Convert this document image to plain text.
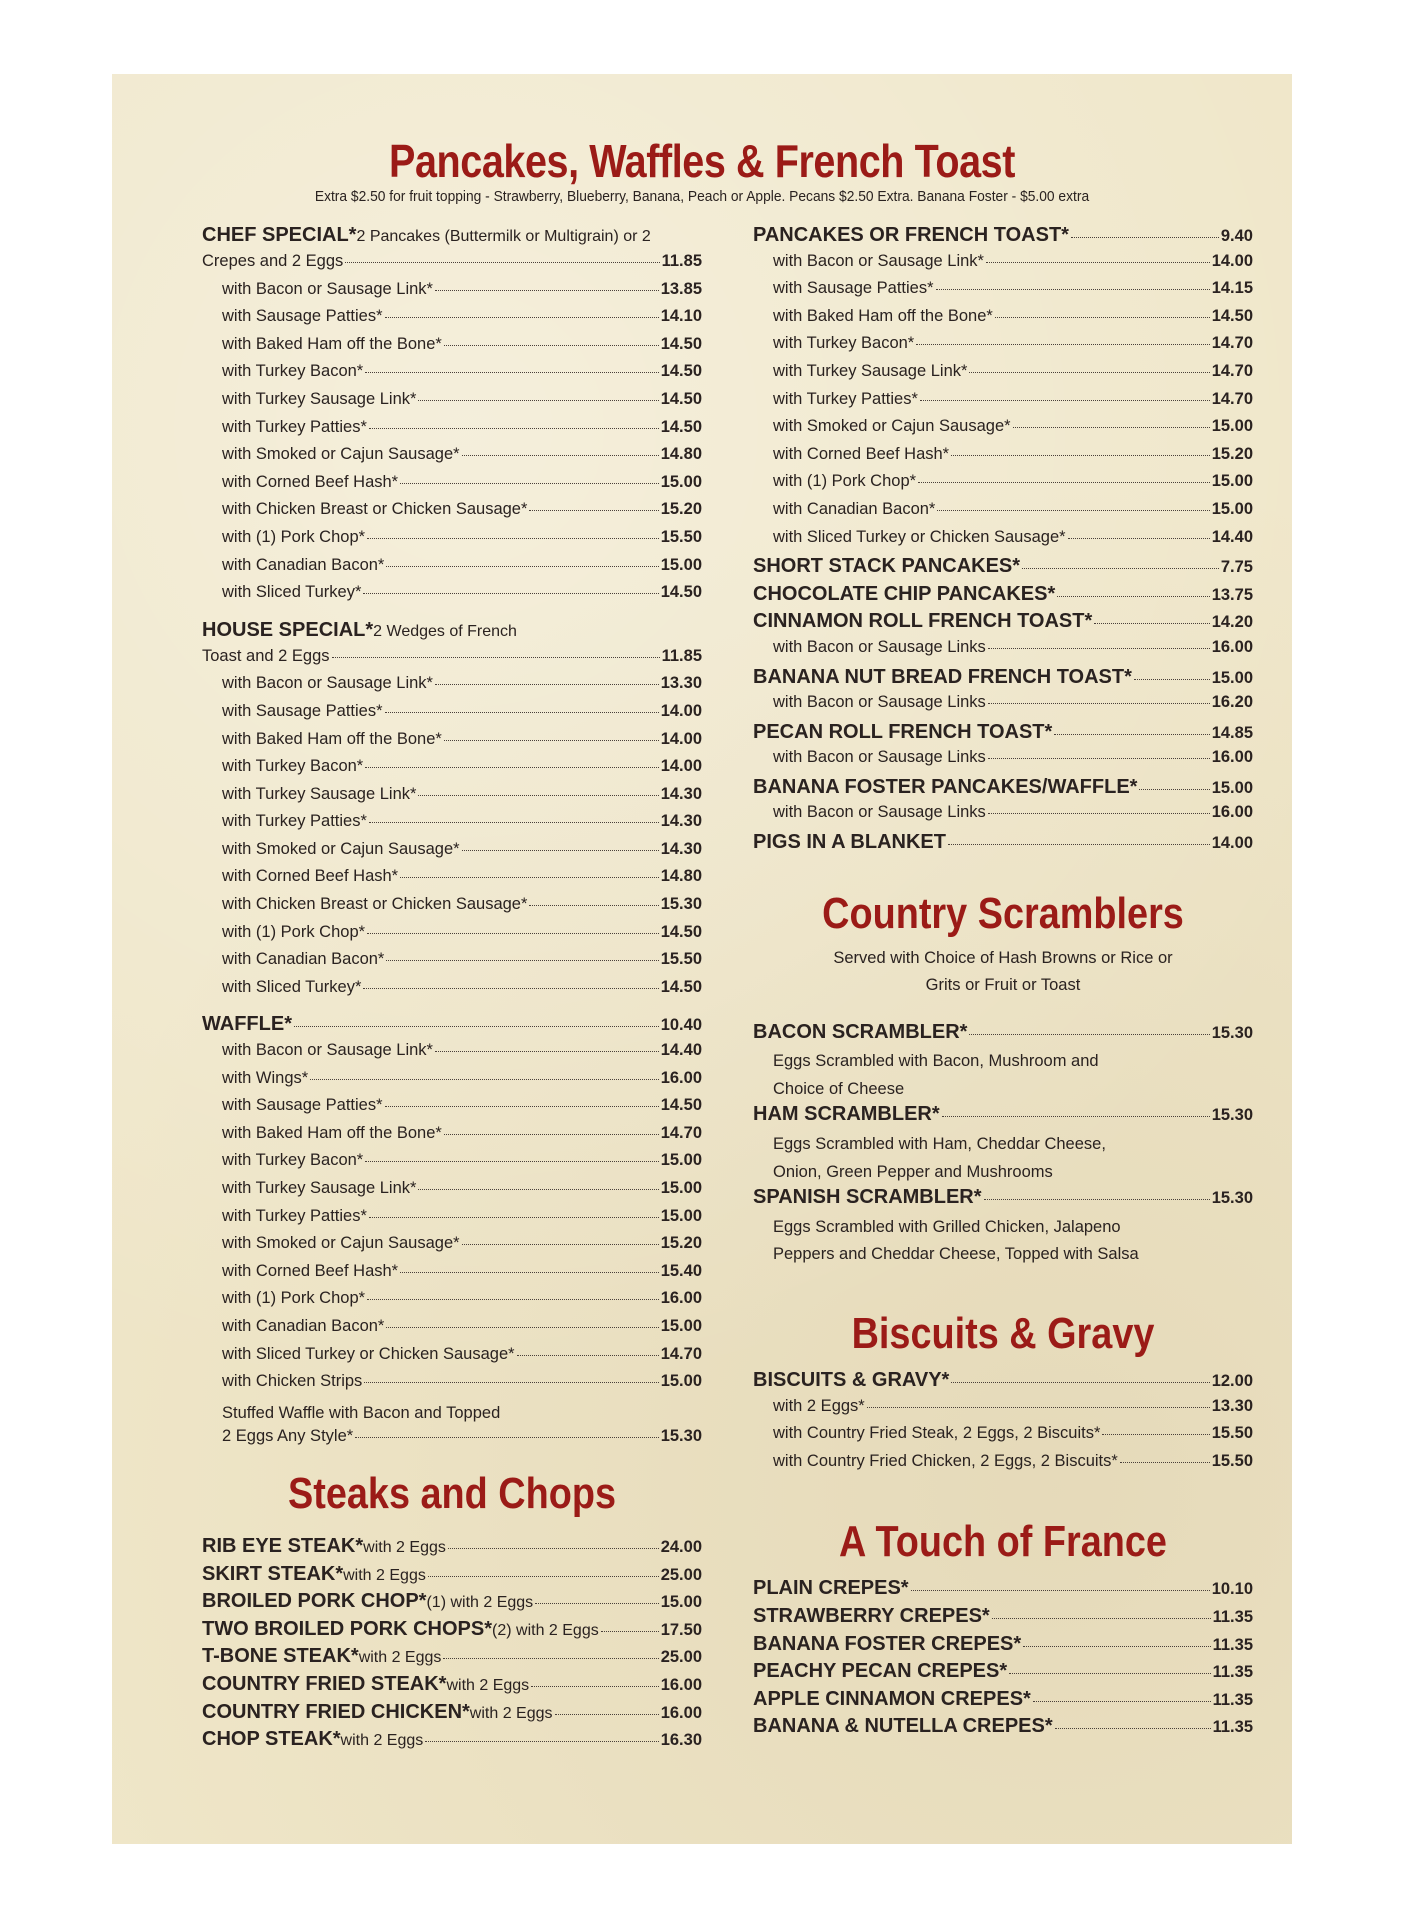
Pancakes, Waffles & French Toast
Extra $2.50 for fruit topping - Strawberry, Blueberry, Banana, Peach or Apple. Pecans $2.50 Extra. Banana Foster - $5.00 extra
CHEF SPECIAL* 2 Pancakes (Buttermilk or Multigrain) or 2
Crepes and 2 Eggs	11.85
with Bacon or Sausage Link*	13.85
with Sausage Patties*	14.10
with Baked Ham off the Bone*	14.50
with Turkey Bacon*	14.50
with Turkey Sausage Link*	14.50
with Turkey Patties*	14.50
with Smoked or Cajun Sausage*	14.80
with Corned Beef Hash*	15.00
with Chicken Breast or Chicken Sausage*	15.20
with (1) Pork Chop*	15.50
with Canadian Bacon*	15.00
with Sliced Turkey*	14.50
HOUSE SPECIAL* 2 Wedges of French
Toast and 2 Eggs	11.85
with Bacon or Sausage Link*	13.30
with Sausage Patties*	14.00
with Baked Ham off the Bone*	14.00
with Turkey Bacon*	14.00
with Turkey Sausage Link*	14.30
with Turkey Patties*	14.30
with Smoked or Cajun Sausage*	14.30
with Corned Beef Hash*	14.80
with Chicken Breast or Chicken Sausage*	15.30
with (1) Pork Chop*	14.50
with Canadian Bacon*	15.50
with Sliced Turkey*	14.50
WAFFLE*	10.40
with Bacon or Sausage Link*	14.40
with Wings*	16.00
with Sausage Patties*	14.50
with Baked Ham off the Bone*	14.70
with Turkey Bacon*	15.00
with Turkey Sausage Link*	15.00
with Turkey Patties*	15.00
with Smoked or Cajun Sausage*	15.20
with Corned Beef Hash*	15.40
with (1) Pork Chop*	16.00
with Canadian Bacon*	15.00
with Sliced Turkey or Chicken Sausage*	14.70
with Chicken Strips	15.00
Stuffed Waffle with Bacon and Topped
2 Eggs Any Style*	15.30
Steaks and Chops
RIB EYE STEAK* with 2 Eggs	24.00
SKIRT STEAK* with 2 Eggs	25.00
BROILED PORK CHOP* (1) with 2 Eggs	15.00
TWO BROILED PORK CHOPS* (2) with 2 Eggs	17.50
T-BONE STEAK* with 2 Eggs	25.00
COUNTRY FRIED STEAK* with 2 Eggs	16.00
COUNTRY FRIED CHICKEN* with 2 Eggs	16.00
CHOP STEAK* with 2 Eggs	16.30
PANCAKES OR FRENCH TOAST*	9.40
with Bacon or Sausage Link*	14.00
with Sausage Patties*	14.15
with Baked Ham off the Bone*	14.50
with Turkey Bacon*	14.70
with Turkey Sausage Link*	14.70
with Turkey Patties*	14.70
with Smoked or Cajun Sausage*	15.00
with Corned Beef Hash*	15.20
with (1) Pork Chop*	15.00
with Canadian Bacon*	15.00
with Sliced Turkey or Chicken Sausage*	14.40
SHORT STACK PANCAKES*	7.75
CHOCOLATE CHIP PANCAKES*	13.75
CINNAMON ROLL FRENCH TOAST*	14.20
with Bacon or Sausage Links	16.00
BANANA NUT BREAD FRENCH TOAST*	15.00
with Bacon or Sausage Links	16.20
PECAN ROLL FRENCH TOAST*	14.85
with Bacon or Sausage Links	16.00
BANANA FOSTER PANCAKES/WAFFLE*	15.00
with Bacon or Sausage Links	16.00
PIGS IN A BLANKET	14.00
Country Scramblers
Served with Choice of Hash Browns or Rice or
Grits or Fruit or Toast
BACON SCRAMBLER*	15.30
Eggs Scrambled with Bacon, Mushroom and
Choice of Cheese
HAM SCRAMBLER*	15.30
Eggs Scrambled with Ham, Cheddar Cheese,
Onion, Green Pepper and Mushrooms
SPANISH SCRAMBLER*	15.30
Eggs Scrambled with Grilled Chicken, Jalapeno
Peppers and Cheddar Cheese, Topped with Salsa
Biscuits & Gravy
BISCUITS & GRAVY*	12.00
with 2 Eggs*	13.30
with Country Fried Steak, 2 Eggs, 2 Biscuits*	15.50
with Country Fried Chicken, 2 Eggs, 2 Biscuits*	15.50
A Touch of France
PLAIN CREPES*	10.10
STRAWBERRY CREPES*	11.35
BANANA FOSTER CREPES*	11.35
PEACHY PECAN CREPES*	11.35
APPLE CINNAMON CREPES*	11.35
BANANA & NUTELLA CREPES*	11.35
